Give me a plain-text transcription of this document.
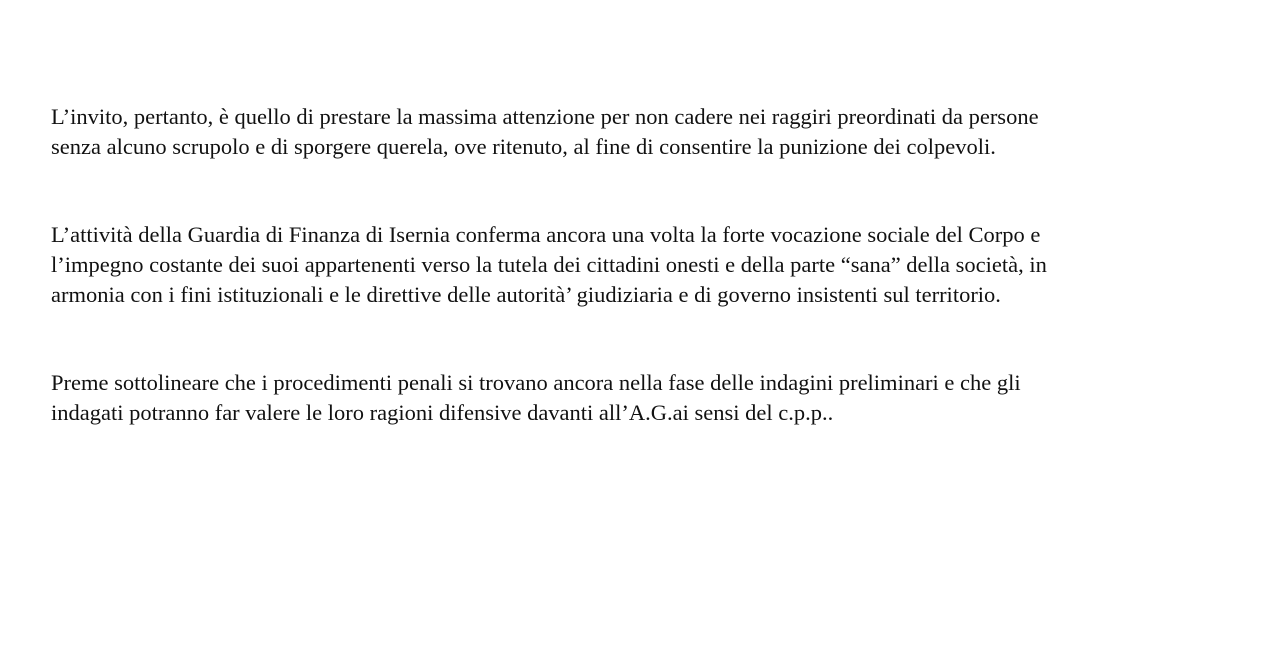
L’invito, pertanto, è quello di prestare la massima attenzione per non cadere nei raggiri preordinati da persone
senza alcuno scrupolo e di sporgere querela, ove ritenuto, al fine di consentire la punizione dei colpevoli.

L’attività della Guardia di Finanza di Isernia conferma ancora una volta la forte vocazione sociale del Corpo e
l’impegno costante dei suoi appartenenti verso la tutela dei cittadini onesti e della parte “sana” della società, in
armonia con i fini istituzionali e le direttive delle autorità’ giudiziaria e di governo insistenti sul territorio.

Preme sottolineare che i procedimenti penali si trovano ancora nella fase delle indagini preliminari e che gli
indagati potranno far valere le loro ragioni difensive davanti all’A.G.ai sensi del c.p.p..
